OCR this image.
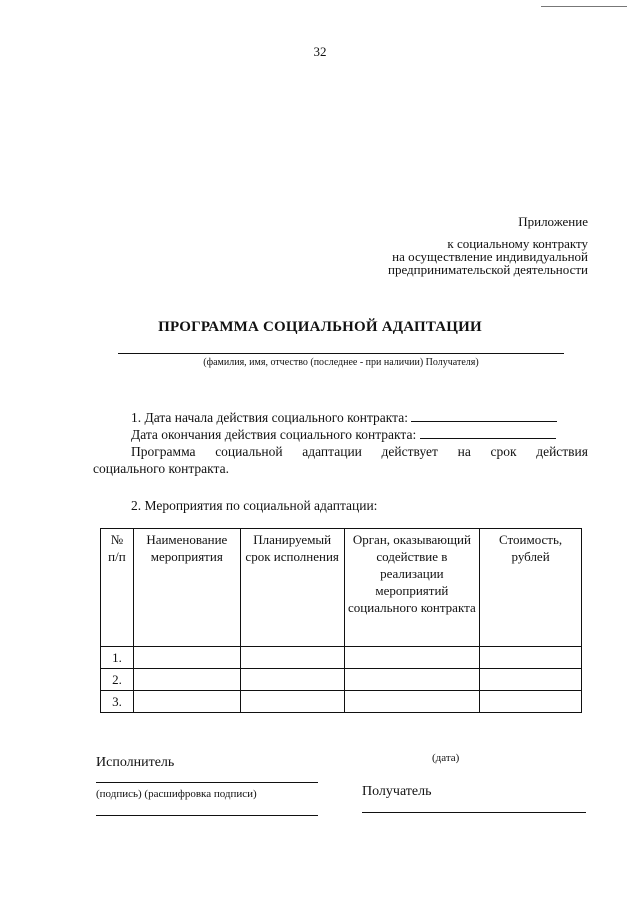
32
Приложение
к социальному контракту
на осуществление индивидуальной
предпринимательской деятельности
ПРОГРАММА СОЦИАЛЬНОЙ АДАПТАЦИИ
(фамилия, имя, отчество (последнее - при наличии) Получателя)
1. Дата начала действия социального контракта:
Дата окончания действия социального контракта:
Программа социальной адаптации действует на срок действия
социального контракта.
2. Мероприятия по социальной адаптации:
№ п/п	Наименование мероприятия	Планируемый срок исполнения	Орган, оказывающий содействие в реализации мероприятий социального контракта	Стоимость, рублей
1.				
2.				
3.				
Исполнитель	(дата)
(подпись) (расшифровка подписи)	Получатель
